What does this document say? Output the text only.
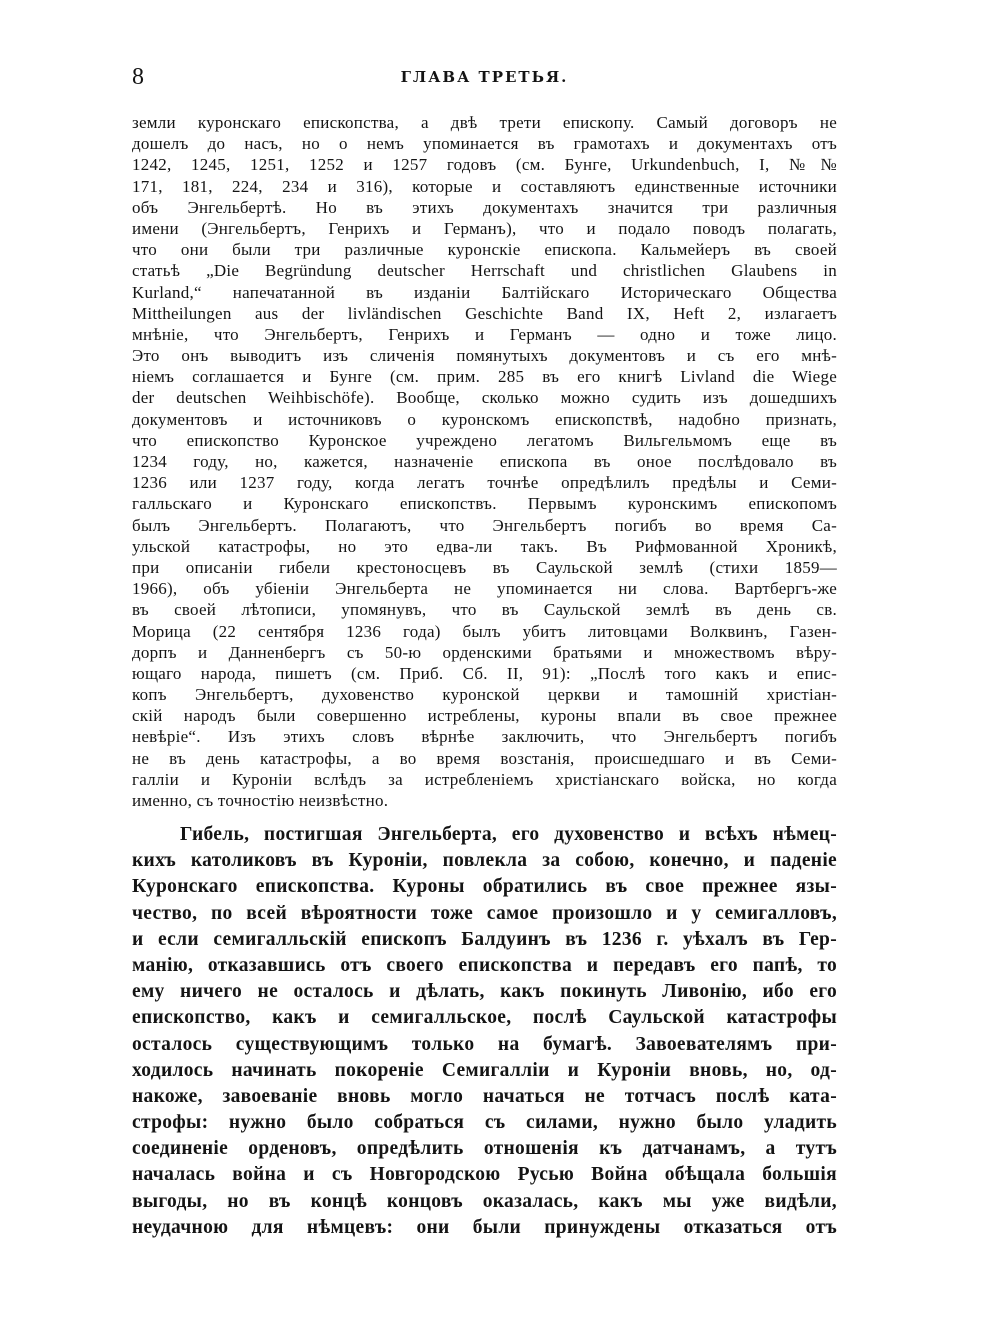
8	ГЛАВА ТРЕТЬЯ.
земли куронскаго епископства, а двѣ трети епископу. Самый договоръ не
дошелъ до насъ, но о немъ упоминается въ грамотахъ и документахъ отъ
1242, 1245, 1251, 1252 и 1257 годовъ (см. Бунге, Urkundenbuch, I, №№
171, 181, 224, 234 и 316), которые и составляютъ единственные источники
объ Энгельбертѣ. Но въ этихъ документахъ значится три различныя
имени (Энгельбертъ, Генрихъ и Германъ), что и подало поводъ полагать,
что они были три различные куронскіе епископа. Кальмейеръ въ своей
статьѣ „Die Begründung deutscher Herrschaft und christlichen Glaubens in
Kurland,“ напечатанной въ изданіи Балтійскаго Историческаго Общества
Mittheilungen aus der livländischen Geschichte Band IX, Heft 2, излагаетъ
мнѣніе, что Энгельбертъ, Генрихъ и Германъ — одно и тоже лицо.
Это онъ выводитъ изъ сличенія помянутыхъ документовъ и съ его мнѣ-
ніемъ соглашается и Бунге (см. прим. 285 въ его книгѣ Livland die Wiege
der deutschen Weihbischöfe). Вообще, сколько можно судить изъ дошедшихъ
документовъ и источниковъ о куронскомъ епископствѣ, надобно признать,
что епископство Куронское учреждено легатомъ Вильгельмомъ еще въ
1234 году, но, кажется, назначеніе епископа въ оное послѣдовало въ
1236 или 1237 году, когда легатъ точнѣе опредѣлилъ предѣлы и Семи-
галльскаго и Куронскаго епископствъ. Первымъ куронскимъ епископомъ
былъ Энгельбертъ. Полагаютъ, что Энгельбертъ погибъ во время Са-
ульской катастрофы, но это едва-ли такъ. Въ Рифмованной Хроникѣ,
при описаніи гибели крестоносцевъ въ Саульской землѣ (стихи 1859—
1966), объ убіеніи Энгельберта не упоминается ни слова. Вартбергъ-же
въ своей лѣтописи, упомянувъ, что въ Саульской землѣ въ день св.
Морица (22 сентября 1236 года) былъ убитъ литовцами Волквинъ, Газен-
дорпъ и Данненбергъ съ 50-ю орденскими братьями и множествомъ вѣру-
ющаго народа, пишетъ (см. Приб. Сб. II, 91): „Послѣ того какъ и епис-
копъ Энгельбертъ, духовенство куронской церкви и тамошній христіан-
скій народъ были совершенно истреблены, куроны впали въ свое прежнее
невѣріе“. Изъ этихъ словъ вѣрнѣе заключить, что Энгельбертъ погибъ
не въ день катастрофы, а во время возстанія, происшедшаго и въ Семи-
галліи и Куроніи вслѣдъ за истребленіемъ христіанскаго войска, но когда
именно, съ точностію неизвѣстно.
Гибель, постигшая Энгельберта, его духовенство и всѣхъ нѣмец-
кихъ католиковъ въ Куроніи, повлекла за собою, конечно, и паденіе
Куронскаго епископства. Куроны обратились въ свое прежнее язы-
чество, по всей вѣроятности тоже самое произошло и у семигалловъ,
и если семигалльскій епископъ Балдуинъ въ 1236 г. уѣхалъ въ Гер-
манію, отказавшись отъ своего епископства и передавъ его папѣ, то
ему ничего не осталось и дѣлать, какъ покинуть Ливонію, ибо его
епископство, какъ и семигалльское, послѣ Саульской катастрофы
осталось существующимъ только на бумагѣ. Завоевателямъ при-
ходилось начинать покореніе Семигалліи и Куроніи вновь, но, од-
накоже, завоеваніе вновь могло начаться не тотчасъ послѣ ката-
строфы: нужно было собраться съ силами, нужно было уладить
соединеніе орденовъ, опредѣлить отношенія къ датчанамъ, а тутъ
началась война и съ Новгородскою Русью Война обѣщала большія
выгоды, но въ концѣ концовъ оказалась, какъ мы уже видѣли,
неудачною для нѣмцевъ: они были принуждены отказаться отъ
